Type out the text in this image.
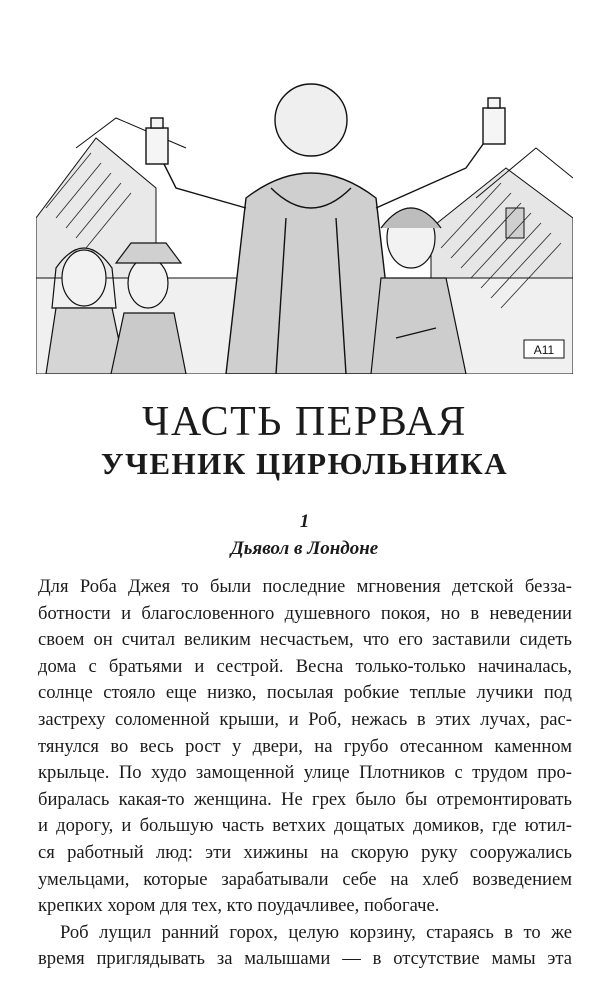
A11
ЧАСТЬ ПЕРВАЯ
УЧЕНИК ЦИРЮЛЬНИКА
1
Дьявол в Лондоне
Для Роба Джея то были последние мгновения детской безза-
ботности и благословенного душевного покоя, но в неведении
своем он считал великим несчастьем, что его заставили сидеть
дома с братьями и сестрой. Весна только-только начиналась,
солнце стояло еще низко, посылая робкие теплые лучики под
застреху соломенной крыши, и Роб, нежась в этих лучах, рас-
тянулся во весь рост у двери, на грубо отесанном каменном
крыльце. По худо замощенной улице Плотников с трудом про-
биралась какая-то женщина. Не грех было бы отремонтировать
и дорогу, и большую часть ветхих дощатых домиков, где ютил-
ся работный люд: эти хижины на скорую руку сооружались
умельцами, которые зарабатывали себе на хлеб возведением
крепких хором для тех, кто поудачливее, побогаче.
Роб лущил ранний горох, целую корзину, стараясь в то же
время приглядывать за малышами — в отсутствие мамы эта
